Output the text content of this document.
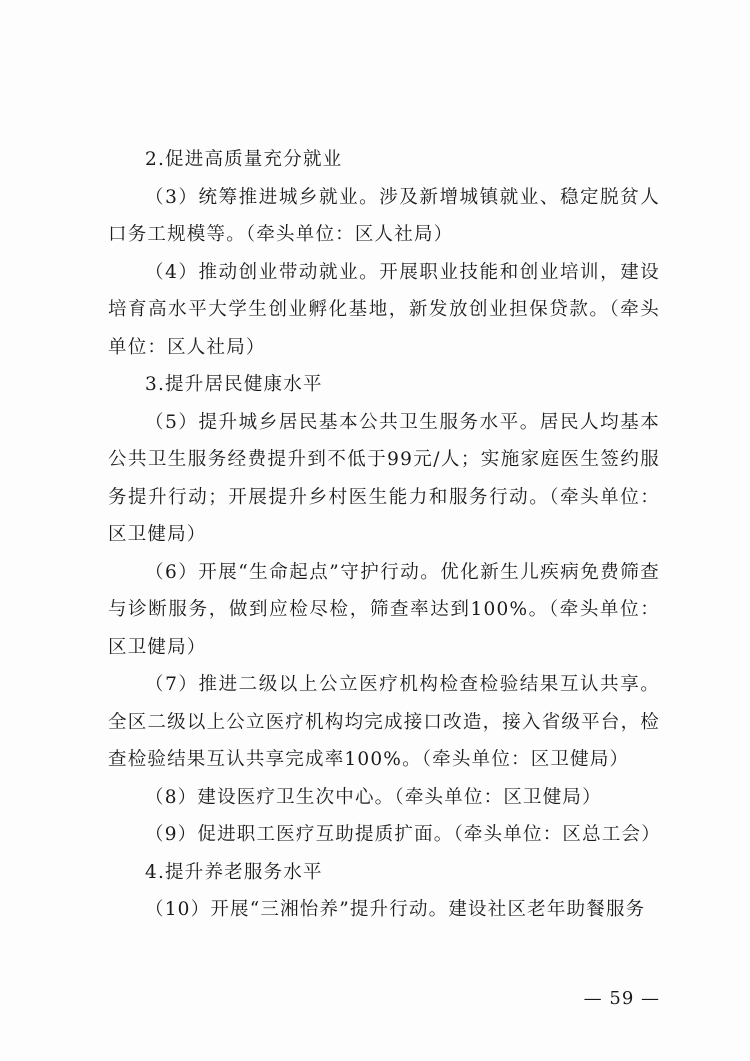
2.促进高质量充分就业

（3）统筹推进城乡就业。涉及新增城镇就业、稳定脱贫人口务工规模等。（牵头单位：区人社局）

（4）推动创业带动就业。开展职业技能和创业培训，建设培育高水平大学生创业孵化基地，新发放创业担保贷款。（牵头单位：区人社局）

3.提升居民健康水平

（5）提升城乡居民基本公共卫生服务水平。居民人均基本公共卫生服务经费提升到不低于99元/人；实施家庭医生签约服务提升行动；开展提升乡村医生能力和服务行动。（牵头单位：区卫健局）

（6）开展“生命起点”守护行动。优化新生儿疾病免费筛查与诊断服务，做到应检尽检，筛查率达到100%。（牵头单位：区卫健局）

（7）推进二级以上公立医疗机构检查检验结果互认共享。全区二级以上公立医疗机构均完成接口改造，接入省级平台，检查检验结果互认共享完成率100%。（牵头单位：区卫健局）

（8）建设医疗卫生次中心。（牵头单位：区卫健局）

（9）促进职工医疗互助提质扩面。（牵头单位：区总工会）

4.提升养老服务水平

（10）开展“三湘怡养”提升行动。建设社区老年助餐服务

— 59 —
